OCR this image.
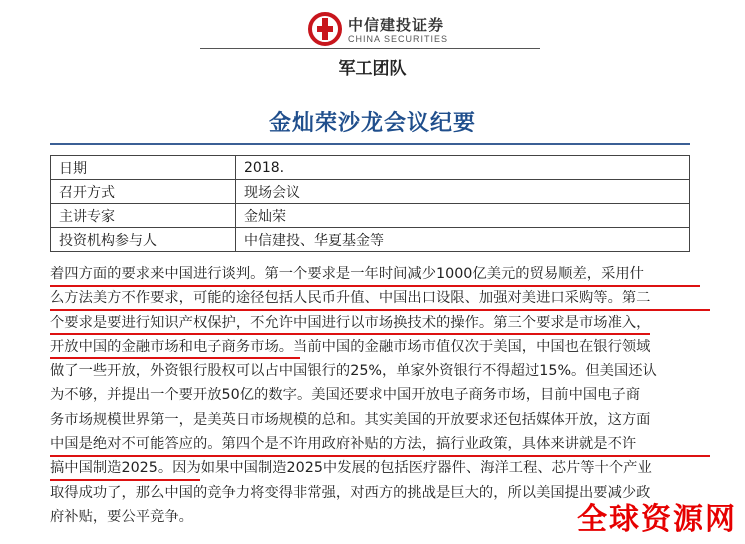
中信建投证券
CHINA SECURITIES
军工团队
金灿荣沙龙会议纪要
日期	2018.
召开方式	现场会议
主讲专家	金灿荣
投资机构参与人	中信建投、华夏基金等
着四方面的要求来中国进行谈判。第一个要求是一年时间减少1000亿美元的贸易顺差，采用什
么方法美方不作要求，可能的途径包括人民币升值、中国出口设限、加强对美进口采购等。第二
个要求是要进行知识产权保护，不允许中国进行以市场换技术的操作。第三个要求是市场准入，
开放中国的金融市场和电子商务市场。当前中国的金融市场市值仅次于美国，中国也在银行领域
做了一些开放，外资银行股权可以占中国银行的25%，单家外资银行不得超过15%。但美国还认
为不够，并提出一个要开放50亿的数字。美国还要求中国开放电子商务市场，目前中国电子商
务市场规模世界第一，是美英日市场规模的总和。其实美国的开放要求还包括媒体开放，这方面
中国是绝对不可能答应的。第四个是不许用政府补贴的方法，搞行业政策，具体来讲就是不许
搞中国制造2025。因为如果中国制造2025中发展的包括医疗器件、海洋工程、芯片等十个产业
取得成功了，那么中国的竞争力将变得非常强，对西方的挑战是巨大的，所以美国提出要减少政
府补贴，要公平竞争。	全球资源网
